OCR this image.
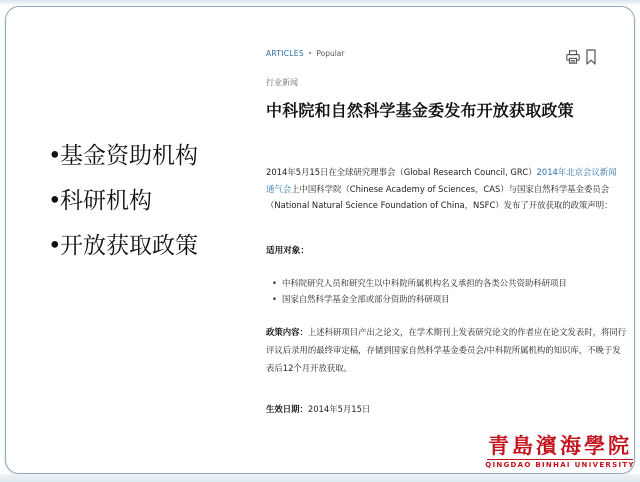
•基金资助机构
•科研机构
•开放获取政策
ARTICLES • Popular
行业新闻
中科院和自然科学基金委发布开放获取政策
2014年5月15日在全球研究理事会（Global Research Council, GRC）2014年北京会议新闻通气会上中国科学院（Chinese Academy of Sciences，CAS）与国家自然科学基金委员会（National Natural Science Foundation of China，NSFC）发布了开放获取的政策声明：
适用对象：
• 中科院研究人员和研究生以中科院所属机构名义承担的各类公共资助科研项目
• 国家自然科学基金全部或部分资助的科研项目
政策内容：上述科研项目产出之论文，在学术期刊上发表研究论文的作者应在论文发表时，将同行评议后录用的最终审定稿，存储到国家自然科学基金委员会/中科院所属机构的知识库，不晚于发表后12个月开放获取。
生效日期：2014年5月15日
青島濱海學院
QINGDAO BINHAI UNIVERSITY
